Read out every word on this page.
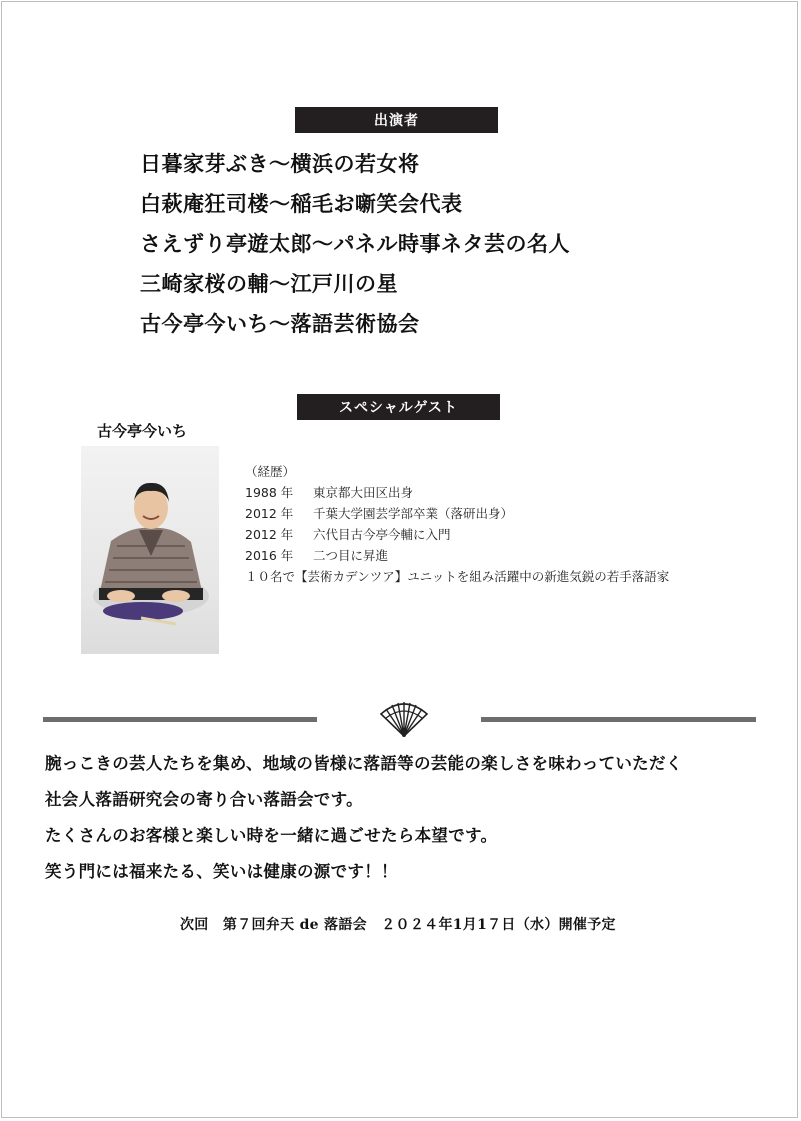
出演者
日暮家芽ぶき～横浜の若女将
白萩庵狂司楼～稲毛お噺笑会代表
さえずり亭遊太郎～パネル時事ネタ芸の名人
三崎家桜の輔～江戸川の星
古今亭今いち～落語芸術協会
スペシャルゲスト
古今亭今いち
（経歴）
1988 年 東京都大田区出身
2012 年 千葉大学園芸学部卒業（落研出身）
2012 年 六代目古今亭今輔に入門
2016 年 二つ目に昇進
１０名で【芸術カデンツア】ユニットを組み活躍中の新進気鋭の若手落語家
腕っこきの芸人たちを集め、地域の皆様に落語等の芸能の楽しさを味わっていただく
社会人落語研究会の寄り合い落語会です。
たくさんのお客様と楽しい時を一緒に過ごせたら本望です。
笑う門には福来たる、笑いは健康の源です！！
次回　第７回弁天 de 落語会　２０２４年1月1７日（水）開催予定
